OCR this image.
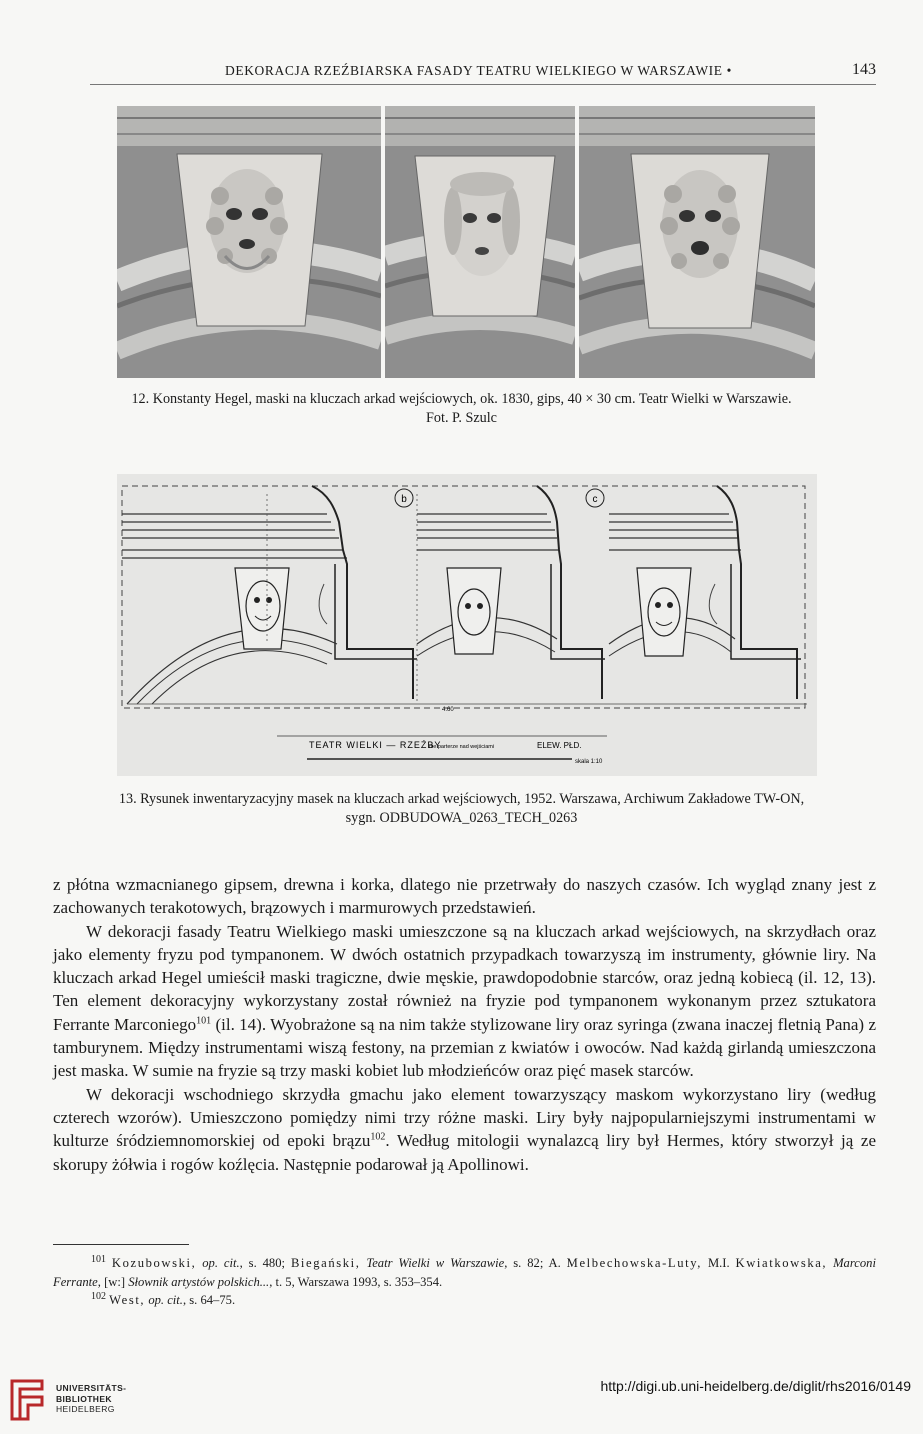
DEKORACJA RZEŹBIARSKA FASADY TEATRU WIELKIEGO W WARSZAWIE •	143
12. Konstanty Hegel, maski na kluczach arkad wejściowych, ok. 1830, gips, 40 × 30 cm. Teatr Wielki w Warszawie.
Fot. P. Szulc
b	c
4.60
TEATR WIELKI — RZEŹBY
nie parterze nad wejściami	ELEW. PŁD.
skala 1:10
13. Rysunek inwentaryzacyjny masek na kluczach arkad wejściowych, 1952. Warszawa, Archiwum Zakładowe TW-ON,
sygn. ODBUDOWA_0263_TECH_0263

z płótna wzmacnianego gipsem, drewna i korka, dlatego nie przetrwały do naszych czasów. Ich wygląd znany jest z zachowanych terakotowych, brązowych i marmurowych przedstawień.

W dekoracji fasady Teatru Wielkiego maski umieszczone są na kluczach arkad wejściowych, na skrzydłach oraz jako elementy fryzu pod tympanonem. W dwóch ostatnich przypadkach towarzyszą im instrumenty, głównie liry. Na kluczach arkad Hegel umieścił maski tragiczne, dwie męskie, prawdopodobnie starców, oraz jedną kobiecą (il. 12, 13). Ten element dekoracyjny wykorzystany został również na fryzie pod tympanonem wykonanym przez sztukatora Ferrante Marconiego$^{101}$ (il. 14). Wyobrażone są na nim także stylizowane liry oraz syringa (zwana inaczej fletnią Pana) z tamburynem. Między instrumentami wiszą festony, na przemian z kwiatów i owoców. Nad każdą girlandą umieszczona jest maska. W sumie na fryzie są trzy maski kobiet lub młodzieńców oraz pięć masek starców.

W dekoracji wschodniego skrzydła gmachu jako element towarzyszący maskom wykorzystano liry (według czterech wzorów). Umieszczono pomiędzy nimi trzy różne maski. Liry były najpopularniejszymi instrumentami w kulturze śródziemnomorskiej od epoki brązu$^{102}$. Według mitologii wynalazcą liry był Hermes, który stworzył ją ze skorupy żółwia i rogów koźlęcia. Następnie podarował ją Apollinowi.

$^{101}$ Kozubowski, op. cit., s. 480; Biegański, Teatr Wielki w Warszawie, s. 82; A. Melbechowska-Luty, M.I. Kwiatkowska, Marconi Ferrante, [w:] Słownik artystów polskich..., t. 5, Warszawa 1993, s. 353–354.

$^{102}$ West, op. cit., s. 64–75.

UNIVERSITÄTS-
BIBLIOTHEK
HEIDELBERG
http://digi.ub.uni-heidelberg.de/diglit/rhs2016/0149
